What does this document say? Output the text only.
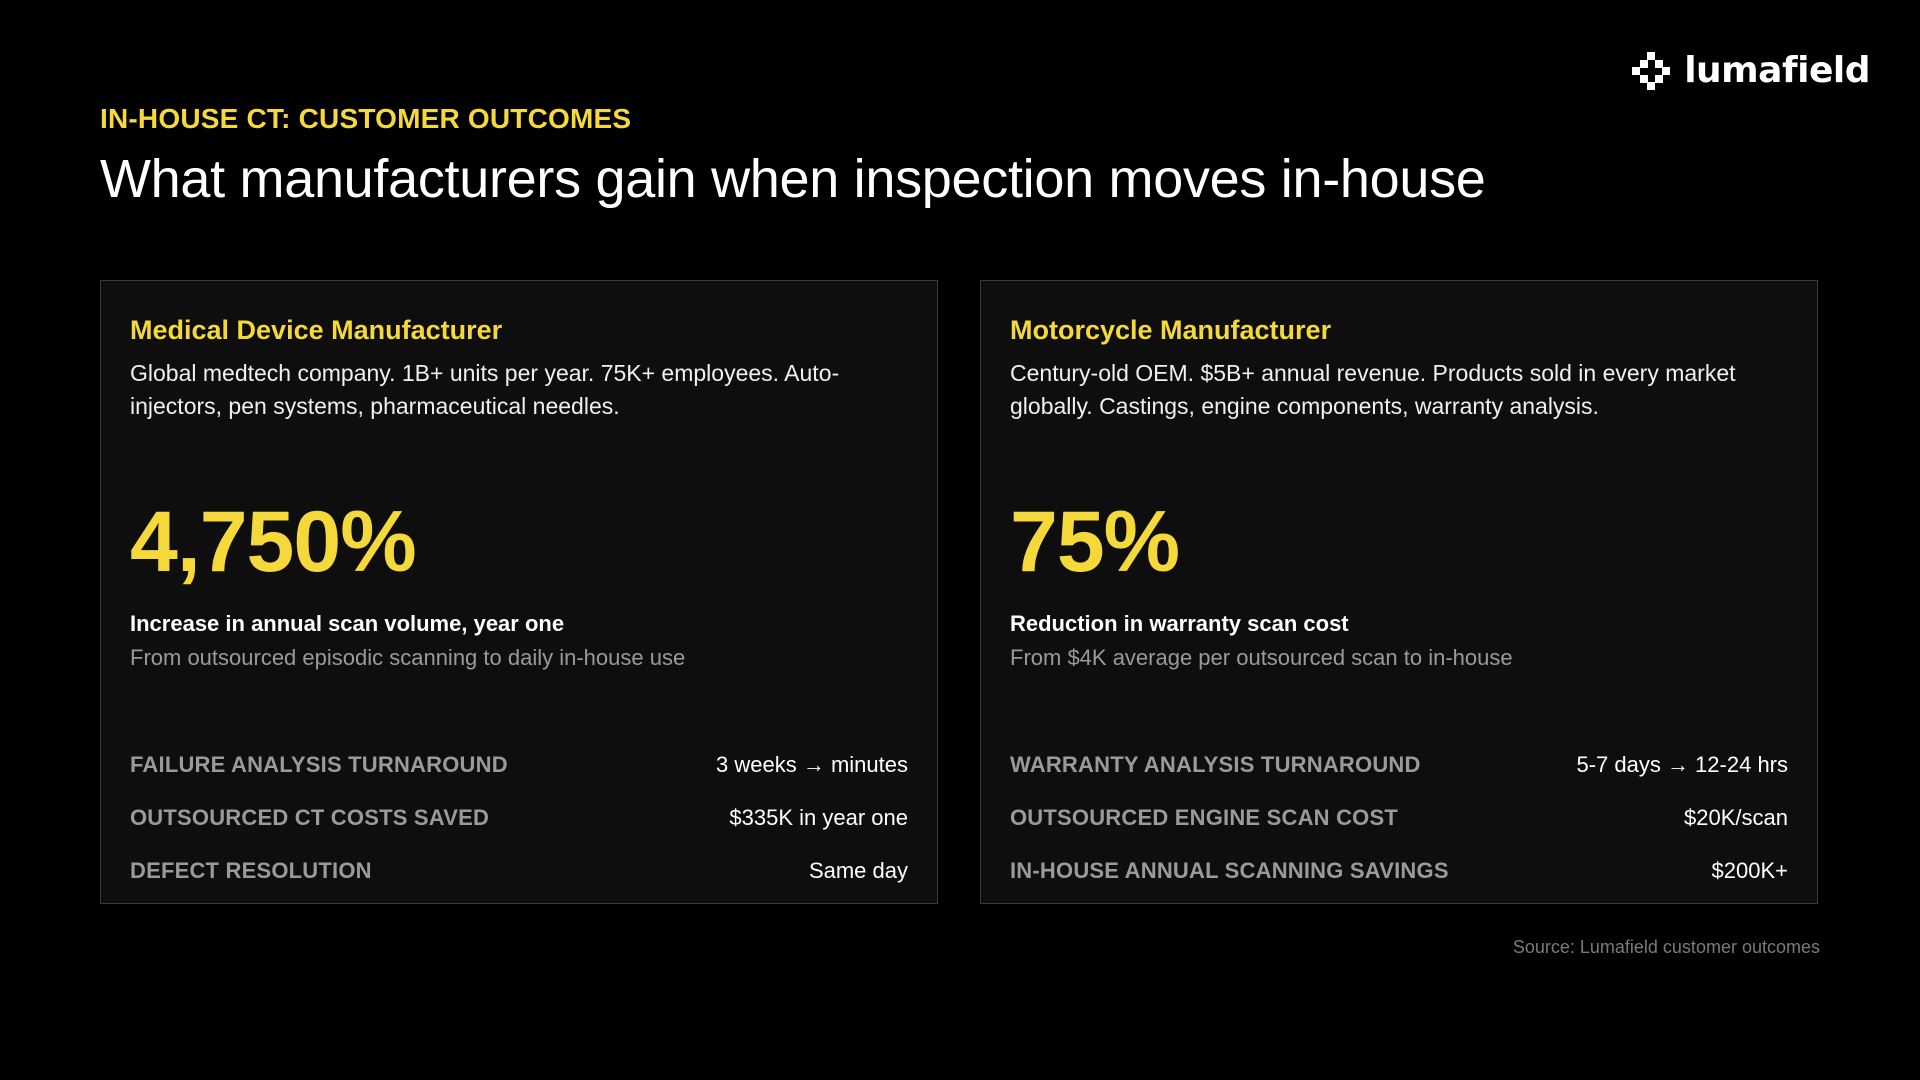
lumafield
IN-HOUSE CT: CUSTOMER OUTCOMES
What manufacturers gain when inspection moves in-house
Medical Device Manufacturer
Global medtech company. 1B+ units per year. 75K+ employees. Auto-injectors, pen systems, pharmaceutical needles.
4,750%
Increase in annual scan volume, year one
From outsourced episodic scanning to daily in-house use
FAILURE ANALYSIS TURNAROUND	3 weeks → minutes
OUTSOURCED CT COSTS SAVED	$335K in year one
DEFECT RESOLUTION	Same day
Motorcycle Manufacturer
Century-old OEM. $5B+ annual revenue. Products sold in every market globally. Castings, engine components, warranty analysis.
75%
Reduction in warranty scan cost
From $4K average per outsourced scan to in-house
WARRANTY ANALYSIS TURNAROUND	5-7 days → 12-24 hrs
OUTSOURCED ENGINE SCAN COST	$20K/scan
IN-HOUSE ANNUAL SCANNING SAVINGS	$200K+
Source: Lumafield customer outcomes
